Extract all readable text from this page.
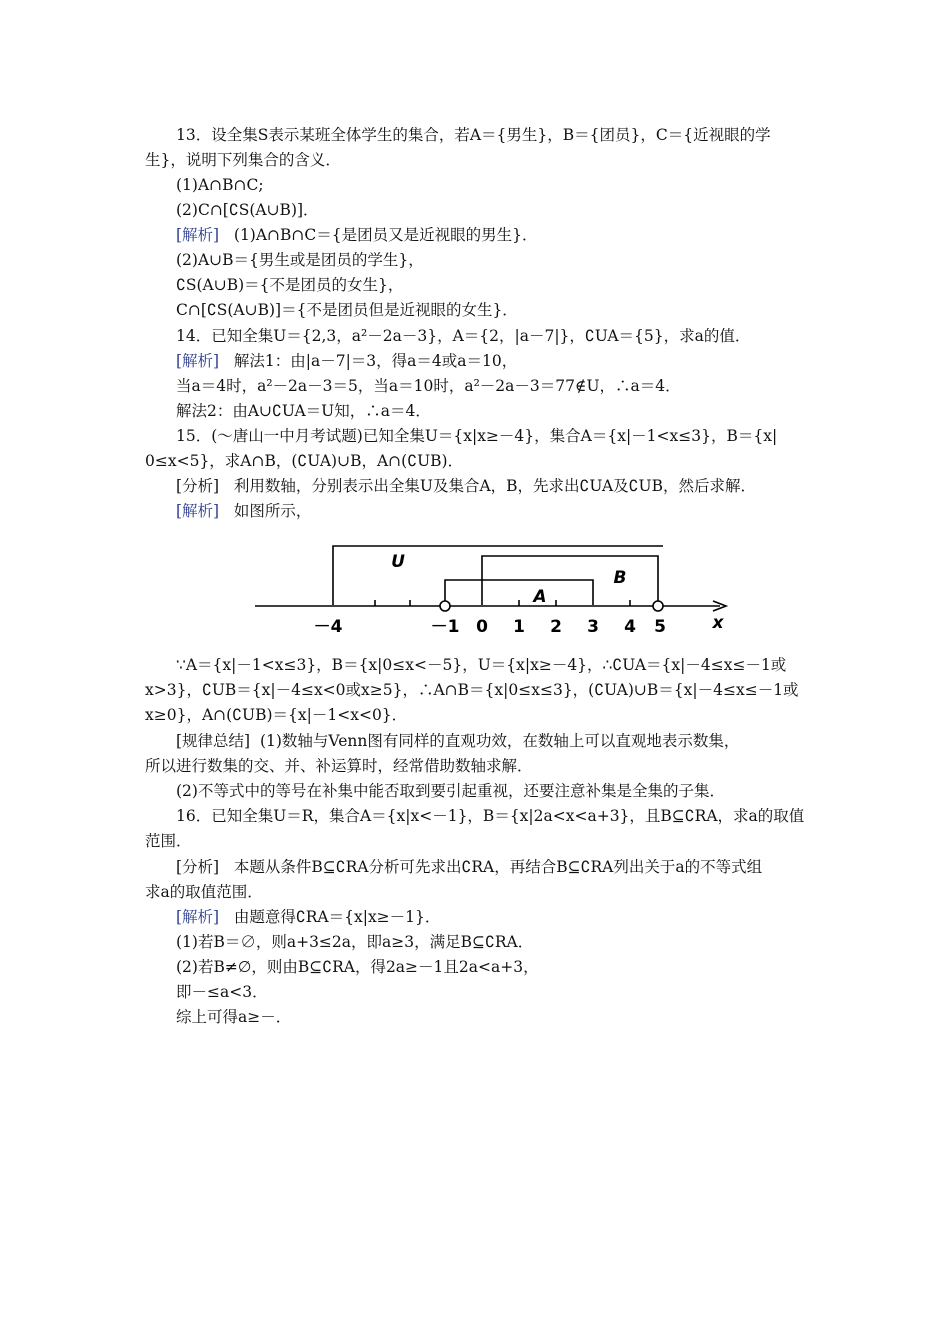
13．设全集S表示某班全体学生的集合，若A＝{男生}，B＝{团员}，C＝{近视眼的学
生}，说明下列集合的含义．
(1)A∩B∩C;
(2)C∩[∁S(A∪B)]．
[解析] (1)A∩B∩C＝{是团员又是近视眼的男生}．
(2)A∪B＝{男生或是团员的学生}，
∁S(A∪B)＝{不是团员的女生}，
C∩[∁S(A∪B)]＝{不是团员但是近视眼的女生}．
14．已知全集U＝{2,3，a²－2a－3}，A＝{2，|a－7|}，∁UA＝{5}，求a的值．
[解析] 解法1：由|a－7|＝3，得a＝4或a＝10，
当a＝4时，a²－2a－3＝5，当a＝10时，a²－2a－3＝77∉U，∴a＝4．
解法2：由A∪∁UA＝U知，∴a＝4．
15．(～唐山一中月考试题)已知全集U＝{x|x≥－4}，集合A＝{x|－1<x≤3}，B＝{x|
0≤x<5}，求A∩B，(∁UA)∪B，A∩(∁UB)．
[分析] 利用数轴，分别表示出全集U及集合A，B，先求出∁UA及∁UB，然后求解．
[解析] 如图所示，
U
B
A
－4	－1 0 1 2 3 4 5	x
∵A＝{x|－1<x≤3}，B＝{x|0≤x<－5}，U＝{x|x≥－4}，∴∁UA＝{x|－4≤x≤－1或
x>3}，∁UB＝{x|－4≤x<0或x≥5}，∴A∩B＝{x|0≤x≤3}，(∁UA)∪B＝{x|－4≤x≤－1或
x≥0}，A∩(∁UB)＝{x|－1<x<0}．
[规律总结] (1)数轴与Venn图有同样的直观功效，在数轴上可以直观地表示数集，
所以进行数集的交、并、补运算时，经常借助数轴求解．
(2)不等式中的等号在补集中能否取到要引起重视，还要注意补集是全集的子集．
16．已知全集U＝R，集合A＝{x|x<－1}，B＝{x|2a<x<a+3}，且B⊆∁RA，求a的取值
范围．
[分析] 本题从条件B⊆∁RA分析可先求出∁RA，再结合B⊆∁RA列出关于a的不等式组
求a的取值范围．
[解析] 由题意得∁RA＝{x|x≥－1}．
(1)若B＝∅，则a+3≤2a，即a≥3，满足B⊆∁RA．
(2)若B≠∅，则由B⊆∁RA，得2a≥－1且2a<a+3，
即－≤a<3．
综上可得a≥－．
